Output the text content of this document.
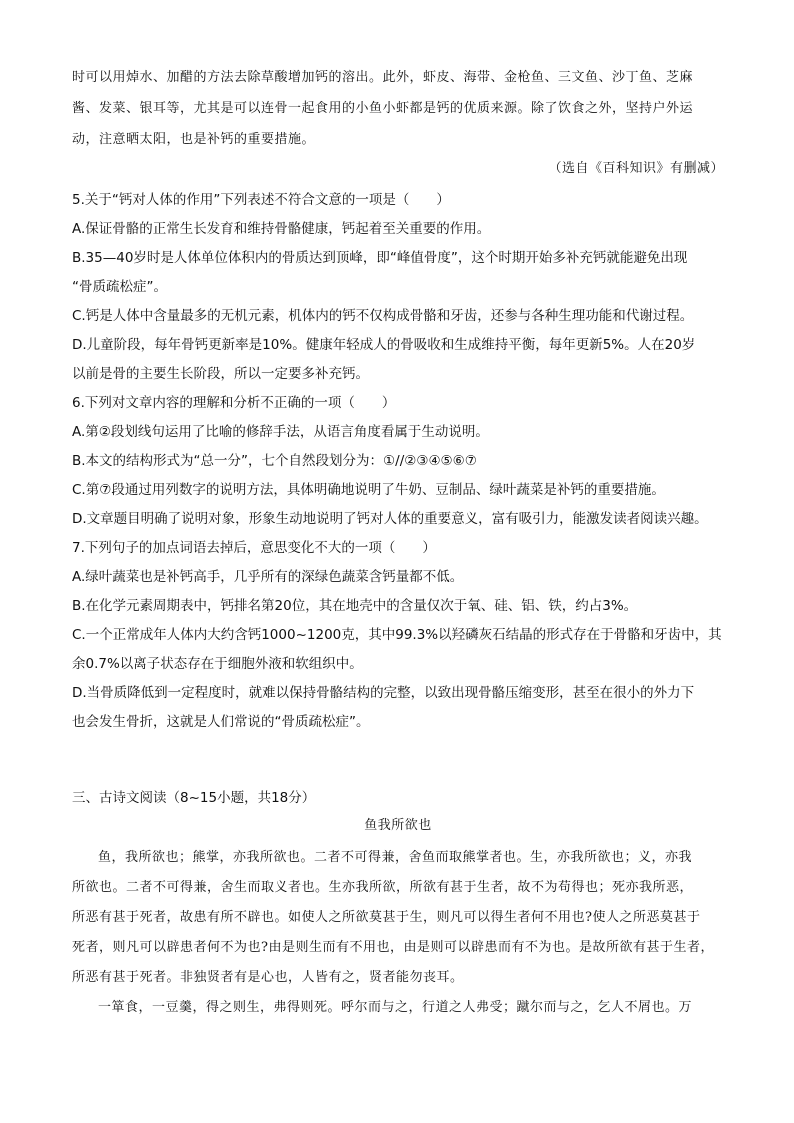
时可以用焯水、加醋的方法去除草酸增加钙的溶出。此外，虾皮、海带、金枪鱼、三文鱼、沙丁鱼、芝麻

酱、发菜、银耳等，尤其是可以连骨一起食用的小鱼小虾都是钙的优质来源。除了饮食之外，坚持户外运

动，注意晒太阳，也是补钙的重要措施。

（选自《百科知识》有删减）

5.关于“钙对人体的作用”下列表述不符合文意的一项是（　　）

A.保证骨骼的正常生长发育和维持骨骼健康，钙起着至关重要的作用。

B.35—40岁时是人体单位体积内的骨质达到顶峰，即“峰值骨度”，这个时期开始多补充钙就能避免出现

“骨质疏松症”。

C.钙是人体中含量最多的无机元素，机体内的钙不仅构成骨骼和牙齿，还参与各种生理功能和代谢过程。

D.儿童阶段，每年骨钙更新率是10%。健康年轻成人的骨吸收和生成维持平衡，每年更新5%。人在20岁

以前是骨的主要生长阶段，所以一定要多补充钙。

6.下列对文章内容的理解和分析不正确的一项（　　）

A.第②段划线句运用了比喻的修辞手法，从语言角度看属于生动说明。

B.本文的结构形式为“总一分”，七个自然段划分为：①//②③④⑤⑥⑦

C.第⑦段通过用列数字的说明方法，具体明确地说明了牛奶、豆制品、绿叶蔬菜是补钙的重要措施。

D.文章题目明确了说明对象，形象生动地说明了钙对人体的重要意义，富有吸引力，能激发读者阅读兴趣。

7.下列句子的加点词语去掉后，意思变化不大的一项（　　）

A.绿叶蔬菜也是补钙高手，几乎所有的深绿色蔬菜含钙量都不低。

B.在化学元素周期表中，钙排名第20位，其在地壳中的含量仅次于氧、硅、铝、铁，约占3%。

C.一个正常成年人体内大约含钙1000~1200克，其中99.3%以羟磷灰石结晶的形式存在于骨骼和牙齿中，其

余0.7%以离子状态存在于细胞外液和软组织中。

D.当骨质降低到一定程度时，就难以保持骨骼结构的完整，以致出现骨骼压缩变形，甚至在很小的外力下

也会发生骨折，这就是人们常说的“骨质疏松症”。

三、古诗文阅读（8~15小题，共18分）

鱼我所欲也

鱼，我所欲也；熊掌，亦我所欲也。二者不可得兼，舍鱼而取熊掌者也。生，亦我所欲也；义，亦我

所欲也。二者不可得兼，舍生而取义者也。生亦我所欲，所欲有甚于生者，故不为苟得也；死亦我所恶，

所恶有甚于死者，故患有所不辟也。如使人之所欲莫甚于生，则凡可以得生者何不用也?使人之所恶莫甚于

死者，则凡可以辟患者何不为也?由是则生而有不用也，由是则可以辟患而有不为也。是故所欲有甚于生者，

所恶有甚于死者。非独贤者有是心也，人皆有之，贤者能勿丧耳。

一箪食，一豆羹，得之则生，弗得则死。呼尔而与之，行道之人弗受；蹴尔而与之，乞人不屑也。万
